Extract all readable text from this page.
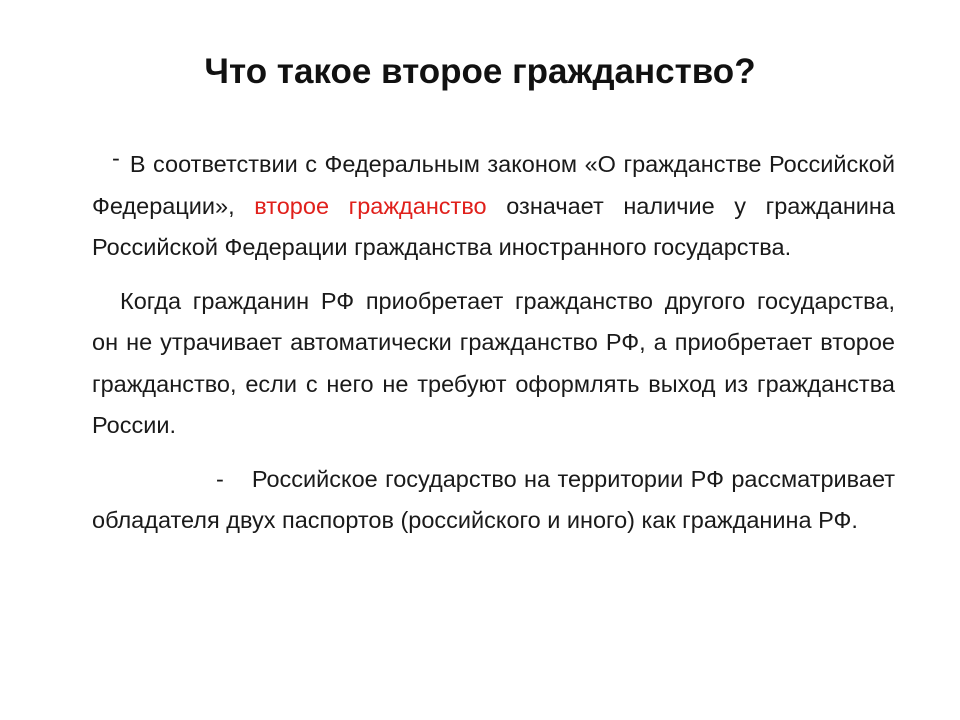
Что такое второе гражданство?

- В соответствии с Федеральным законом «О гражданстве Российской Федерации», второе гражданство означает наличие у гражданина Российской Федерации гражданства иностранного государства.

Когда гражданин РФ приобретает гражданство другого государства, он не утрачивает автоматически гражданство РФ, а приобретает второе гражданство, если с него не требуют оформлять выход из гражданства России.

- Российское государство на территории РФ рассматривает обладателя двух паспортов (российского и иного) как гражданина РФ.
